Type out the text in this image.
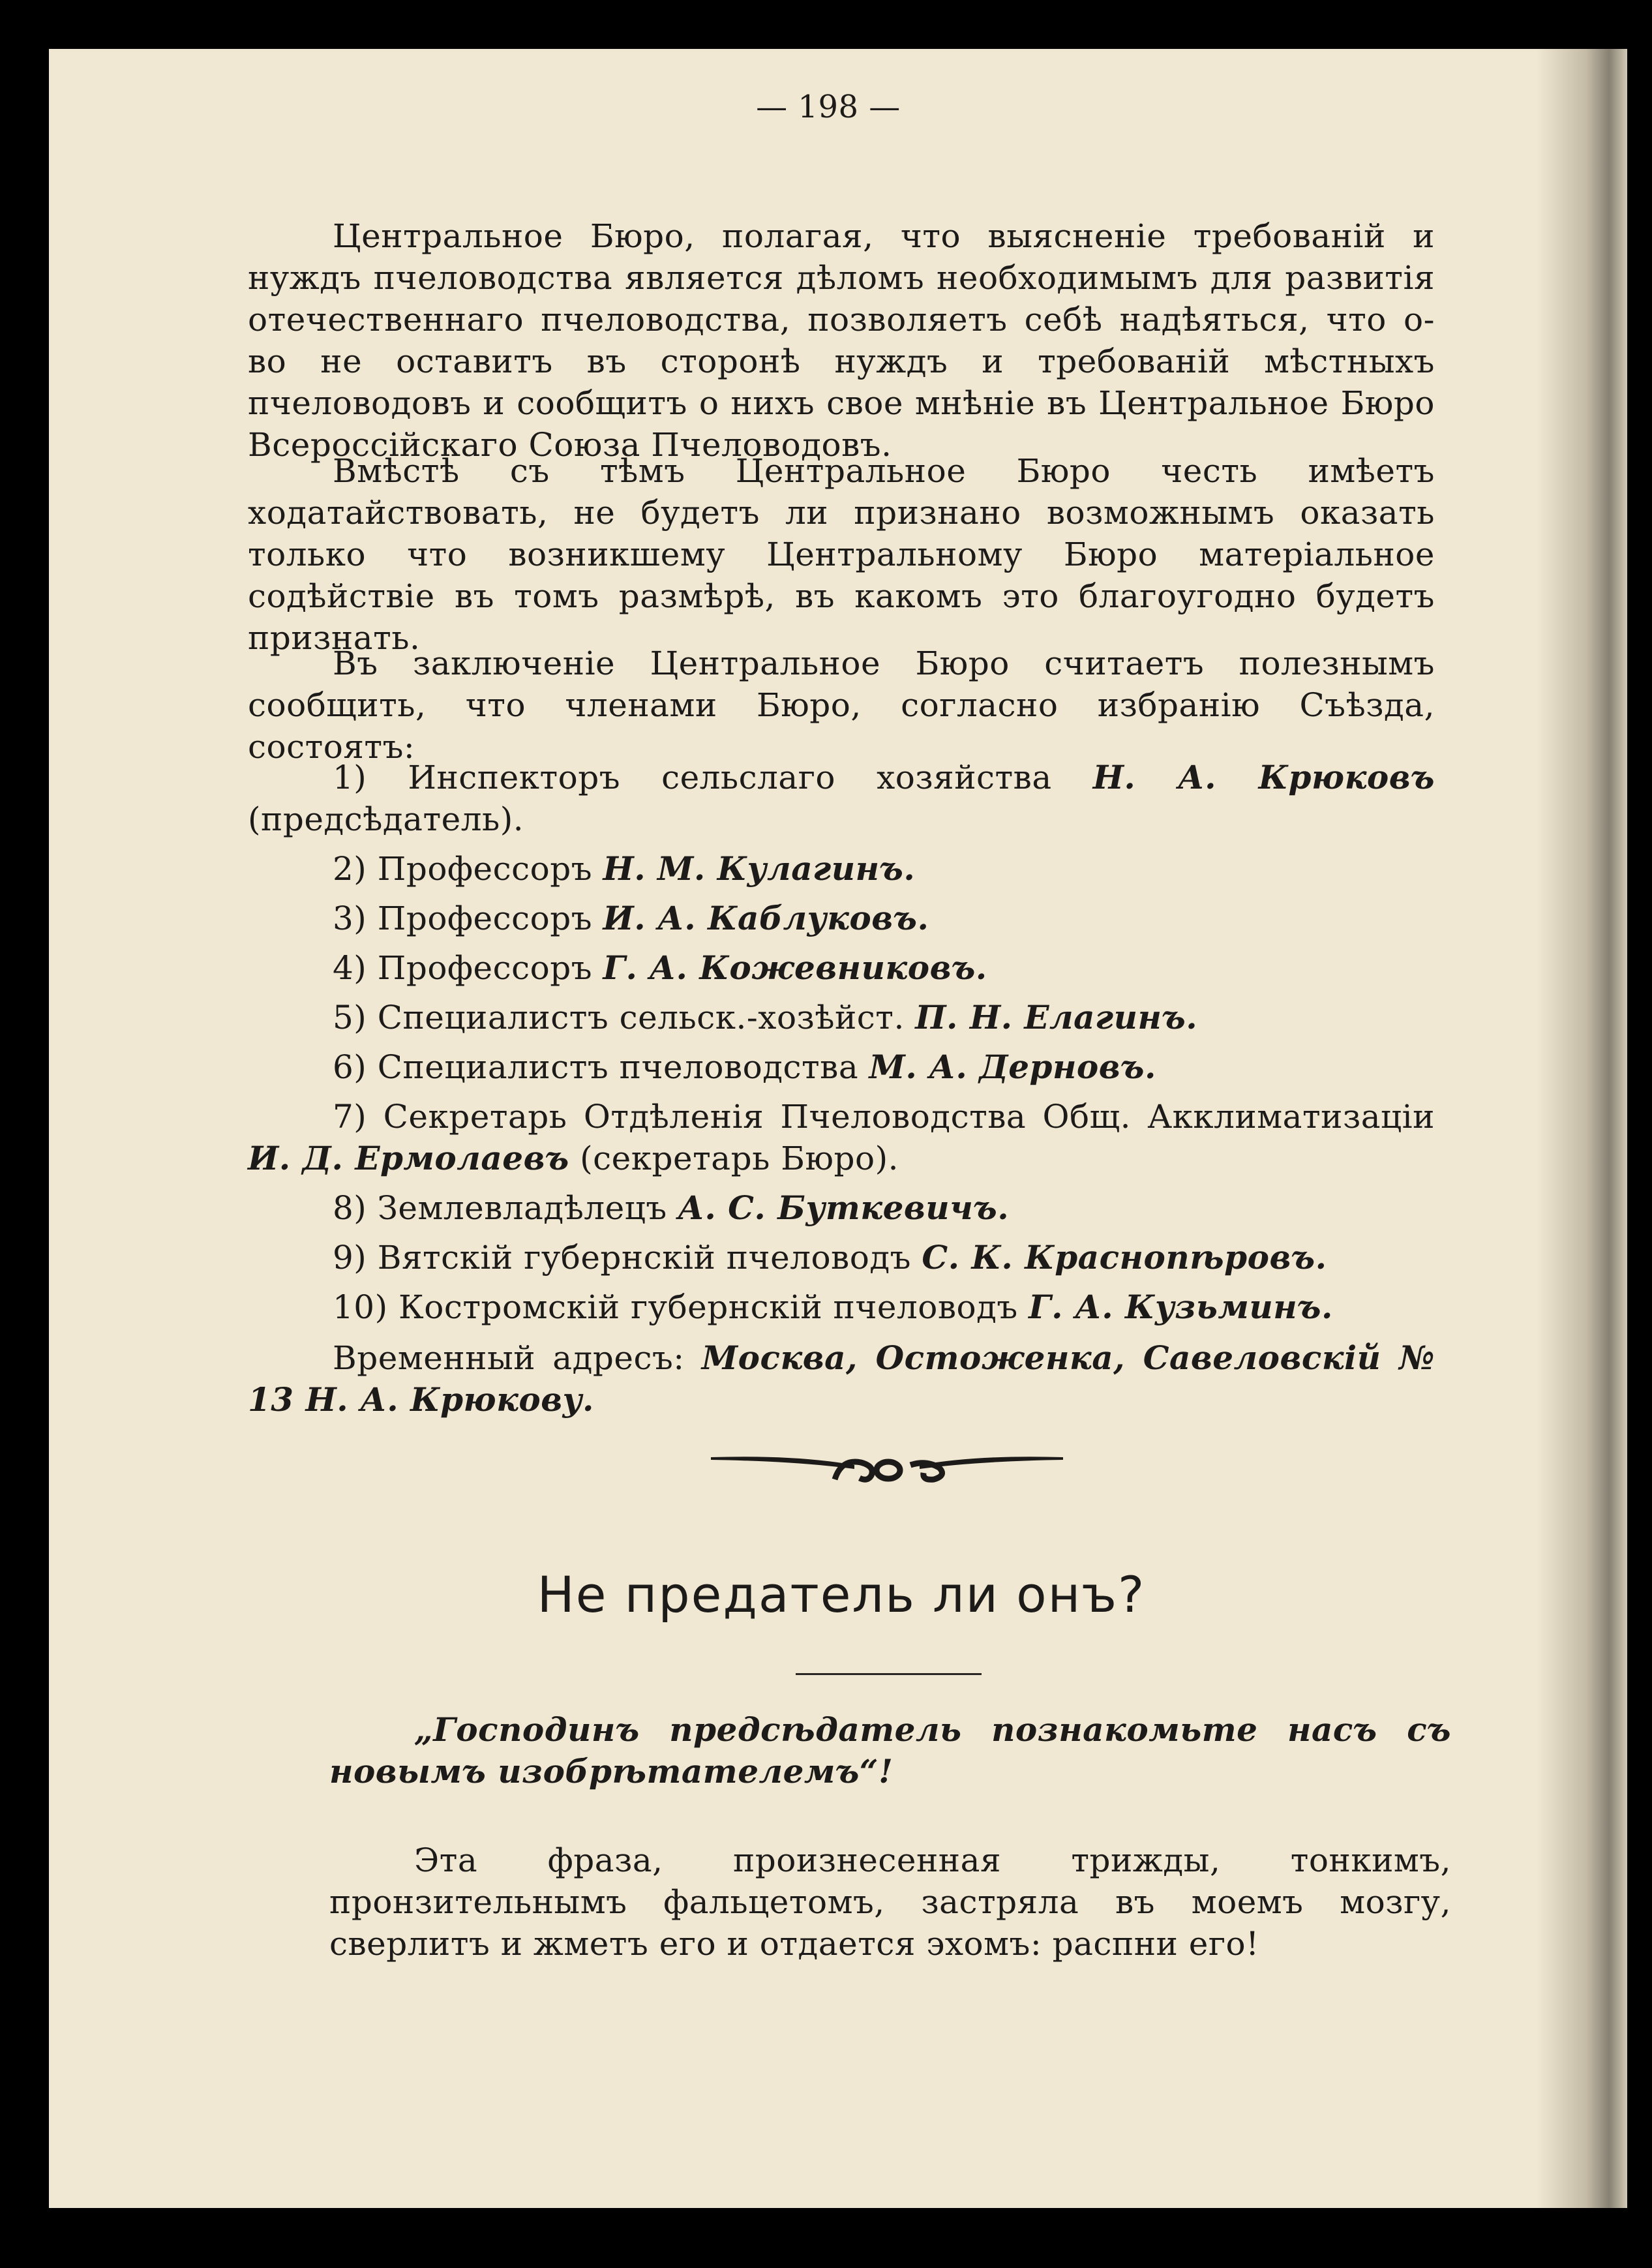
— 198 —

Центральное Бюро, полагая, что выясненіе требованій и нуждъ пчеловодства является дѣломъ необходимымъ для развитія отечественнаго пчеловодства, позволяетъ себѣ надѣяться, что о-во не оставитъ въ сторонѣ нуждъ и требованій мѣстныхъ пчеловодовъ и сообщитъ о нихъ свое мнѣніе въ Центральное Бюро Всероссійскаго Союза Пчеловодовъ.

Вмѣстѣ съ тѣмъ Центральное Бюро честь имѣетъ ходатайствовать, не будетъ ли признано возможнымъ оказать только что возникшему Центральному Бюро матеріальное содѣйствіе въ томъ размѣрѣ, въ какомъ это благоугодно будетъ признать.

Въ заключеніе Центральное Бюро считаетъ полезнымъ сообщить, что членами Бюро, согласно избранію Съѣзда, состоятъ:

1) Инспекторъ сельслаго хозяйства Н. А. Крюковъ (предсѣдатель).
2) Профессоръ Н. М. Кулагинъ.
3) Профессоръ И. А. Каблуковъ.
4) Профессоръ Г. А. Кожевниковъ.
5) Специалистъ сельск.-хозѣйст. П. Н. Елагинъ.
6) Специалистъ пчеловодства М. А. Дерновъ.
7) Секретарь Отдѣленія Пчеловодства Общ. Акклиматизаціи И. Д. Ермолаевъ (секретарь Бюро).
8) Землевладѣлецъ А. С. Буткевичъ.
9) Вятскій губернскій пчеловодъ С. К. Краснопѣровъ.
10) Костромскій губернскій пчеловодъ Г. А. Кузьминъ.

Временный адресъ: Москва, Остоженка, Савеловскій № 13 Н. А. Крюкову.

Не предатель ли онъ?
„Господинъ предсѣдатель познакомьте насъ съ новымъ изобрѣтателемъ“!
Эта фраза, произнесенная трижды, тонкимъ, пронзительнымъ фальцетомъ, застряла въ моемъ мозгу, сверлитъ и жметъ его и отдается эхомъ: распни его!
